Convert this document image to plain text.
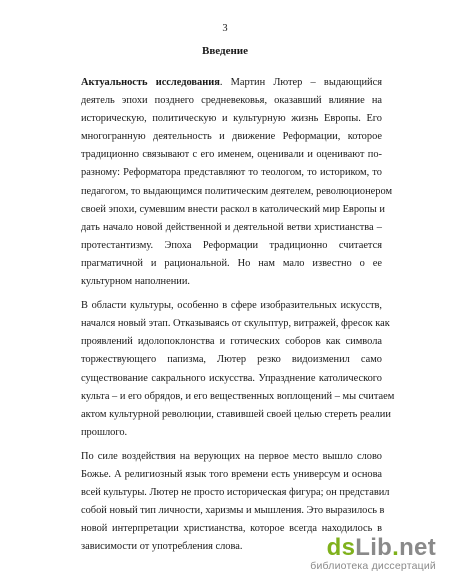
3
Введение
Актуальность исследования. Мартин Лютер – выдающийся
деятель эпохи позднего средневековья, оказавший влияние на
историческую, политическую и культурную жизнь Европы. Его
многогранную деятельность и движение Реформации, которое
традиционно связывают с его именем, оценивали и оценивают по-
разному: Реформатора представляют то теологом, то историком, то
педагогом, то выдающимся политическим деятелем, революционером
своей эпохи, сумевшим внести раскол в католический мир Европы и
дать начало новой действенной и деятельной ветви христианства –
протестантизму. Эпоха Реформации традиционно считается
прагматичной и рациональной. Но нам мало известно о ее
культурном наполнении.
В области культуры, особенно в сфере изобразительных искусств,
начался новый этап. Отказываясь от скульптур, витражей, фресок как
проявлений идолопоклонства и готических соборов как символа
торжествующего папизма, Лютер резко видоизменил само
существование сакрального искусства. Упразднение католического
культа – и его обрядов, и его вещественных воплощений – мы считаем
актом культурной революции, ставившей своей целью стереть реалии
прошлого.
По силе воздействия на верующих на первое место вышло слово
Божье. А религиозный язык того времени есть универсум и основа
всей культуры. Лютер не просто историческая фигура; он представил
собой новый тип личности, харизмы и мышления. Это выразилось в
новой интерпретации христианства, которое всегда находилось в
зависимости от употребления слова.	dsLib.net
библиотека диссертаций
